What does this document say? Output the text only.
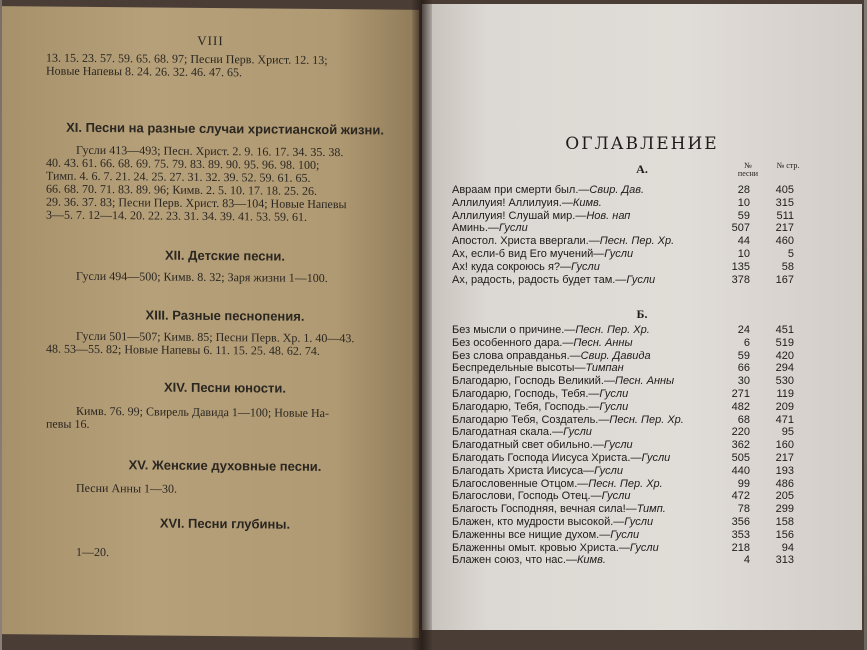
VIII
13. 15. 23. 57. 59. 65. 68. 97; Песни Перв. Христ. 12. 13;
Новые Напевы 8. 24. 26. 32. 46. 47. 65.
XI. Песни на разные случаи христианской жизни.
Гусли 413—493; Песн. Христ. 2. 9. 16. 17. 34. 35. 38.
40. 43. 61. 66. 68. 69. 75. 79. 83. 89. 90. 95. 96. 98. 100;
Тимп. 4. 6. 7. 21. 24. 25. 27. 31. 32. 39. 52. 59. 61. 65.
66. 68. 70. 71. 83. 89. 96; Кимв. 2. 5. 10. 17. 18. 25. 26.
29. 36. 37. 83; Песни Перв. Христ. 83—104; Новые Напевы
3—5. 7. 12—14. 20. 22. 23. 31. 34. 39. 41. 53. 59. 61.
XII. Детские песни.
Гусли 494—500; Кимв. 8. 32; Заря жизни 1—100.
XIII. Разные песнопения.
Гусли 501—507; Кимв. 85; Песни Перв. Хр. 1. 40—43.
48. 53—55. 82; Новые Напевы 6. 11. 15. 25. 48. 62. 74.
XIV. Песни юности.
Кимв. 76. 99; Свирель Давида 1—100; Новые На-
певы 16.
XV. Женские духовные песни.
Песни Анны 1—30.
XVI. Песни глубины.
1—20.
ОГЛАВЛЕНИЕ
А.	№ песни
№ стр.
Авраам при смерти был.—Свир. Дав.	28	405
Аллилуия! Аллилуия.—Кимв.	10	315
Аллилуия! Слушай мир.—Нов. нап	59	511
Аминь.—Гусли	507	217
Апостол. Христа ввергали.—Песн. Пер. Хр.	44	460
Ах, если-б вид Его мучений—Гусли	10	5
Ах! куда сокроюсь я?—Гусли	135	58
Ах, радость, радость будет там.—Гусли	378	167
Б.
Без мысли о причине.—Песн. Пер. Хр.	24	451
Без особенного дара.—Песн. Анны	6	519
Без слова оправданья.—Свир. Давида	59	420
Беспредельные высоты—Тимпан	66	294
Благодарю, Господь Великий.—Песн. Анны	30	530
Благодарю, Господь, Тебя.—Гусли	271	119
Благодарю, Тебя, Господь.—Гусли	482	209
Благодарю Тебя, Создатель.—Песн. Пер. Хр.	68	471
Благодатная скала.—Гусли	220	95
Благодатный свет обильно.—Гусли	362	160
Благодать Господа Иисуса Христа.—Гусли	505	217
Благодать Христа Иисуса—Гусли	440	193
Благословенные Отцом.—Песн. Пер. Хр.	99	486
Благослови, Господь Отец.—Гусли	472	205
Благость Господняя, вечная сила!—Тимп.	78	299
Блажен, кто мудрости высокой.—Гусли	356	158
Блаженны все нищие духом.—Гусли	353	156
Блаженны омыт. кровью Христа.—Гусли	218	94
Блажен союз, что нас.—Кимв.	4	313
